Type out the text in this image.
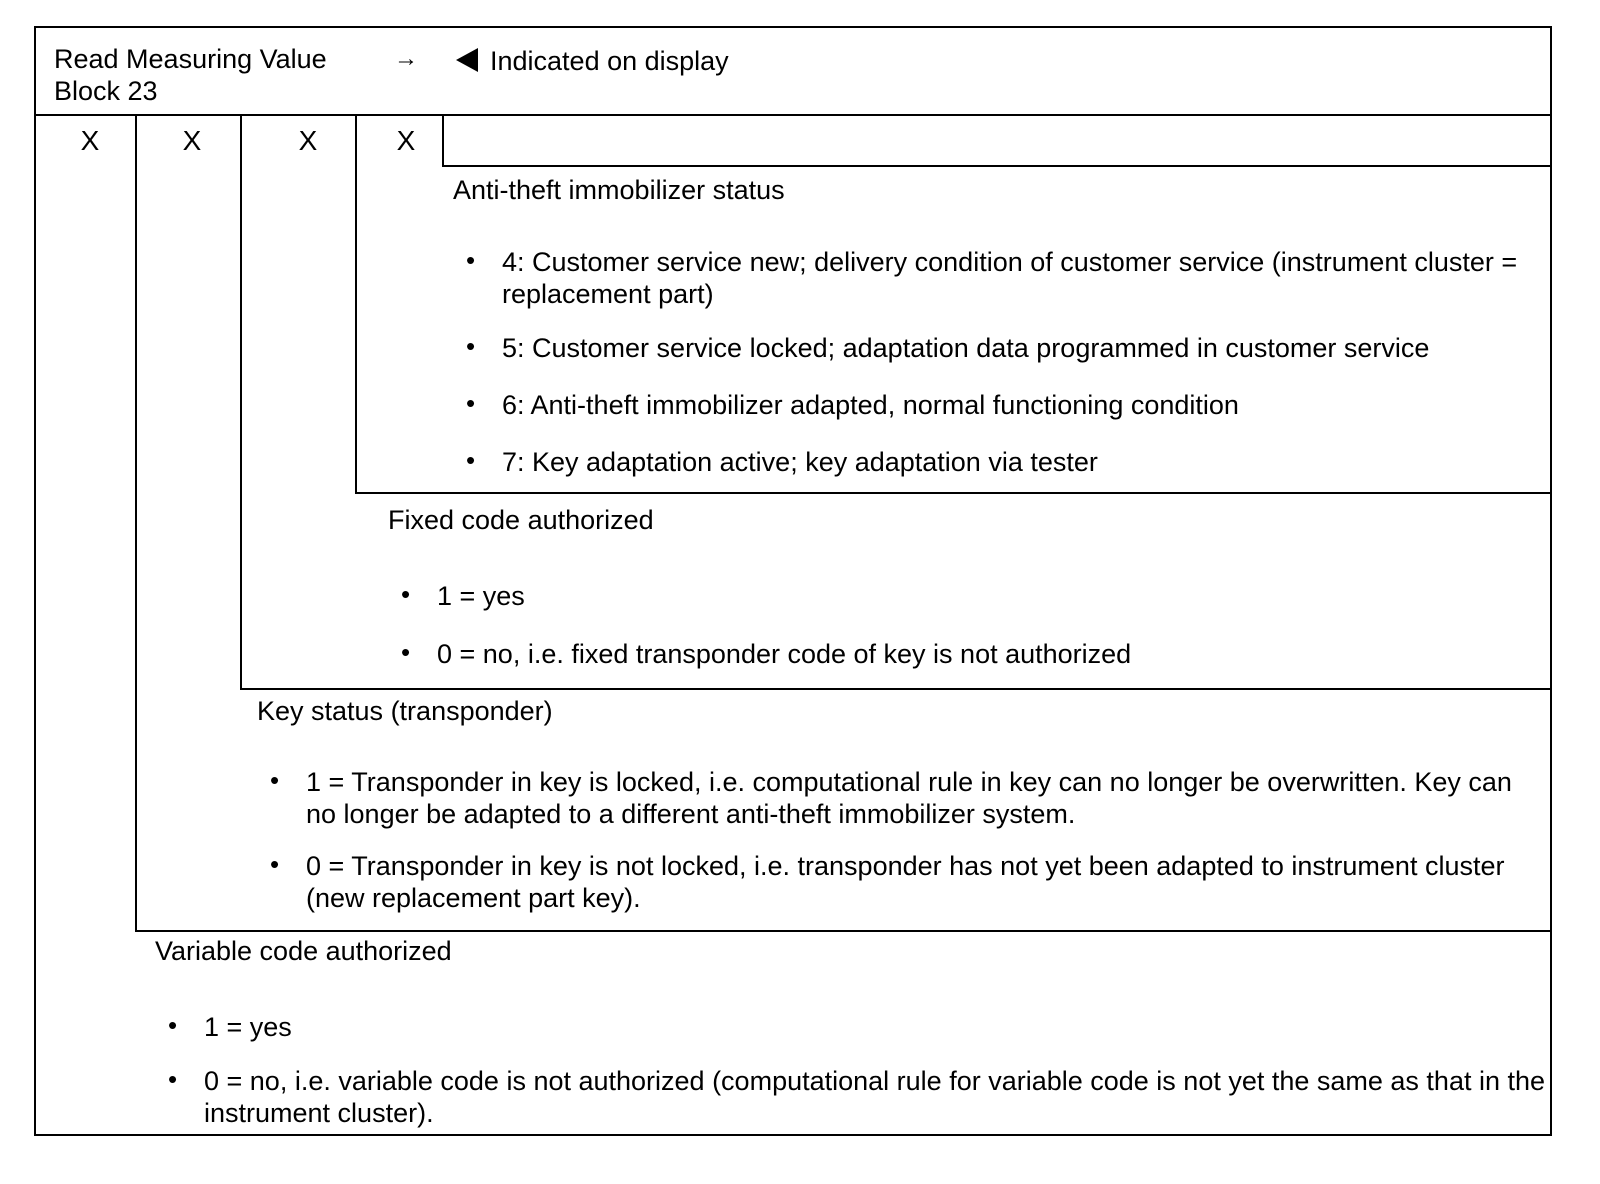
Read Measuring Value
Block 23
→	Indicated on display
X	X	X	X
Anti-theft immobilizer status
• 4: Customer service new; delivery condition of customer service (instrument cluster = replacement part)
• 5: Customer service locked; adaptation data programmed in customer service
• 6: Anti-theft immobilizer adapted, normal functioning condition
• 7: Key adaptation active; key adaptation via tester
Fixed code authorized
• 1 = yes
• 0 = no, i.e. fixed transponder code of key is not authorized
Key status (transponder)
• 1 = Transponder in key is locked, i.e. computational rule in key can no longer be overwritten. Key can no longer be adapted to a different anti-theft immobilizer system.
• 0 = Transponder in key is not locked, i.e. transponder has not yet been adapted to instrument cluster (new replacement part key).
Variable code authorized
• 1 = yes
• 0 = no, i.e. variable code is not authorized (computational rule for variable code is not yet the same as that in the instrument cluster).
